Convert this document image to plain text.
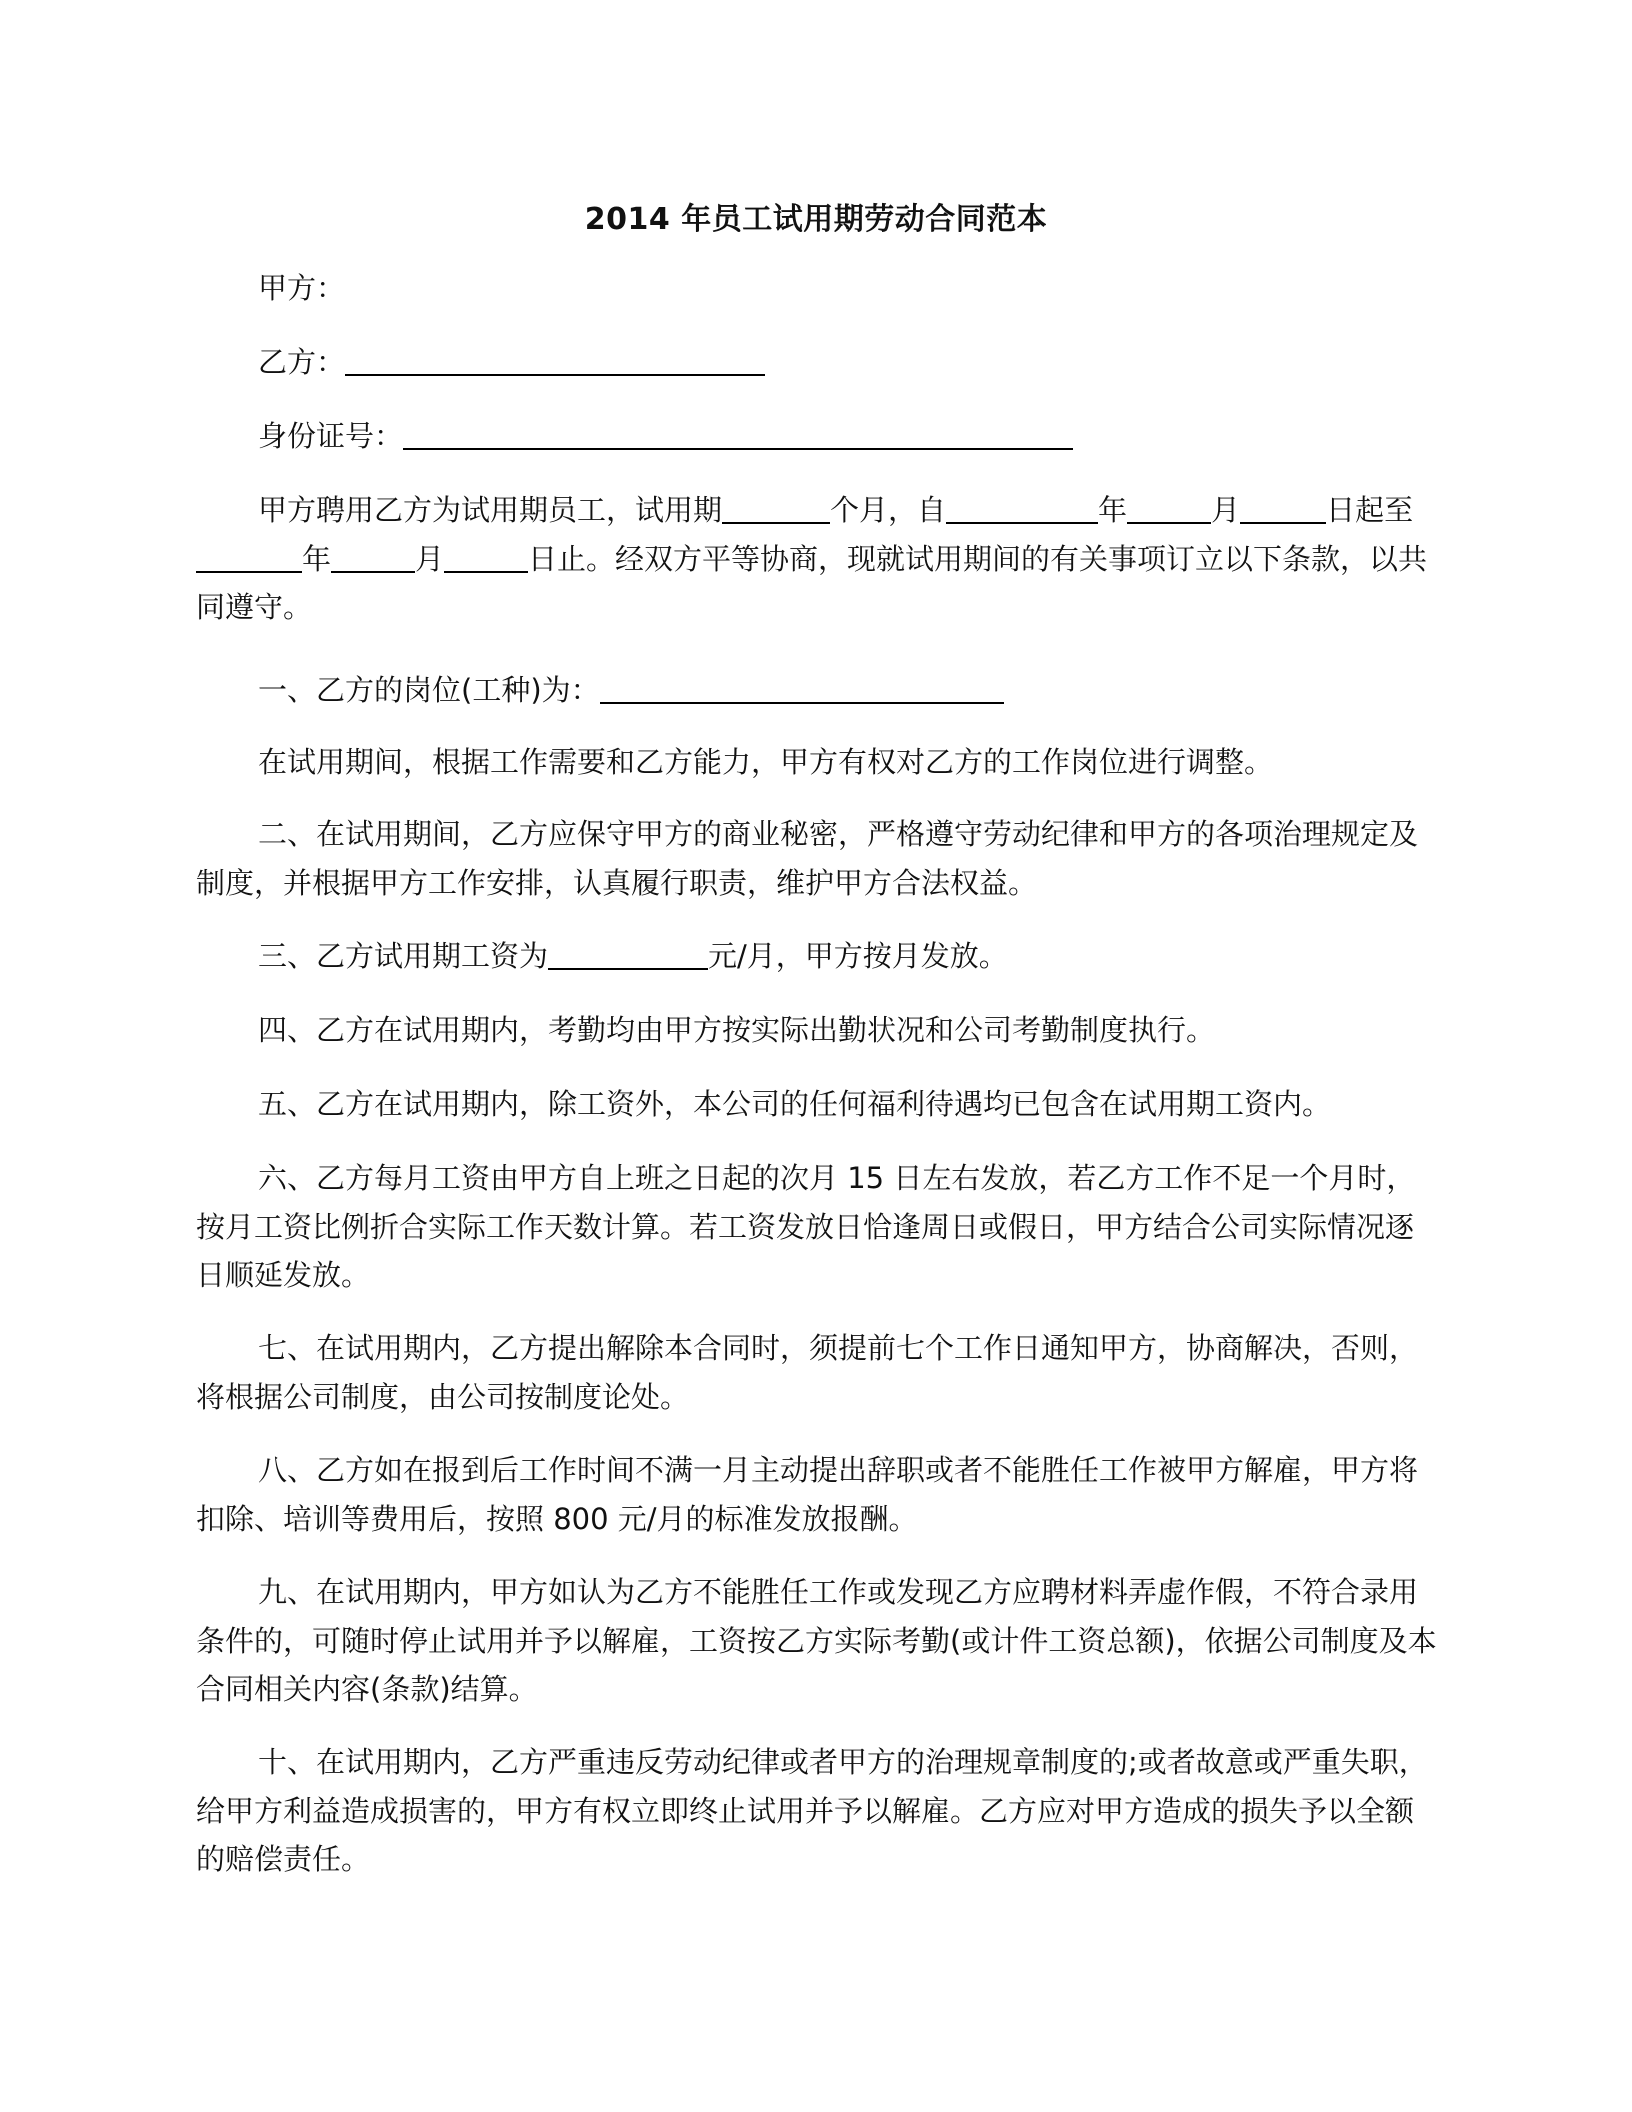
2014 年员工试用期劳动合同范本
甲方：
乙方：
身份证号：
甲方聘用乙方为试用期员工，试用期	个月，自	年	月	日起至年	月	日止。经双方平等协商，现就试用期间的有关事项订立以下条款，以共同遵守。
一、乙方的岗位(工种)为：
在试用期间，根据工作需要和乙方能力，甲方有权对乙方的工作岗位进行调整。
二、在试用期间，乙方应保守甲方的商业秘密，严格遵守劳动纪律和甲方的各项治理规定及制度，并根据甲方工作安排，认真履行职责，维护甲方合法权益。
三、乙方试用期工资为	元/月，甲方按月发放。
四、乙方在试用期内，考勤均由甲方按实际出勤状况和公司考勤制度执行。
五、乙方在试用期内，除工资外，本公司的任何福利待遇均已包含在试用期工资内。
六、乙方每月工资由甲方自上班之日起的次月 15 日左右发放，若乙方工作不足一个月时，按月工资比例折合实际工作天数计算。若工资发放日恰逢周日或假日，甲方结合公司实际情况逐日顺延发放。
七、在试用期内，乙方提出解除本合同时，须提前七个工作日通知甲方，协商解决，否则，将根据公司制度，由公司按制度论处。
八、乙方如在报到后工作时间不满一月主动提出辞职或者不能胜任工作被甲方解雇，甲方将扣除、培训等费用后，按照 800 元/月的标准发放报酬。
九、在试用期内，甲方如认为乙方不能胜任工作或发现乙方应聘材料弄虚作假，不符合录用条件的，可随时停止试用并予以解雇，工资按乙方实际考勤(或计件工资总额)，依据公司制度及本合同相关内容(条款)结算。
十、在试用期内，乙方严重违反劳动纪律或者甲方的治理规章制度的;或者故意或严重失职，给甲方利益造成损害的，甲方有权立即终止试用并予以解雇。乙方应对甲方造成的损失予以全额的赔偿责任。
